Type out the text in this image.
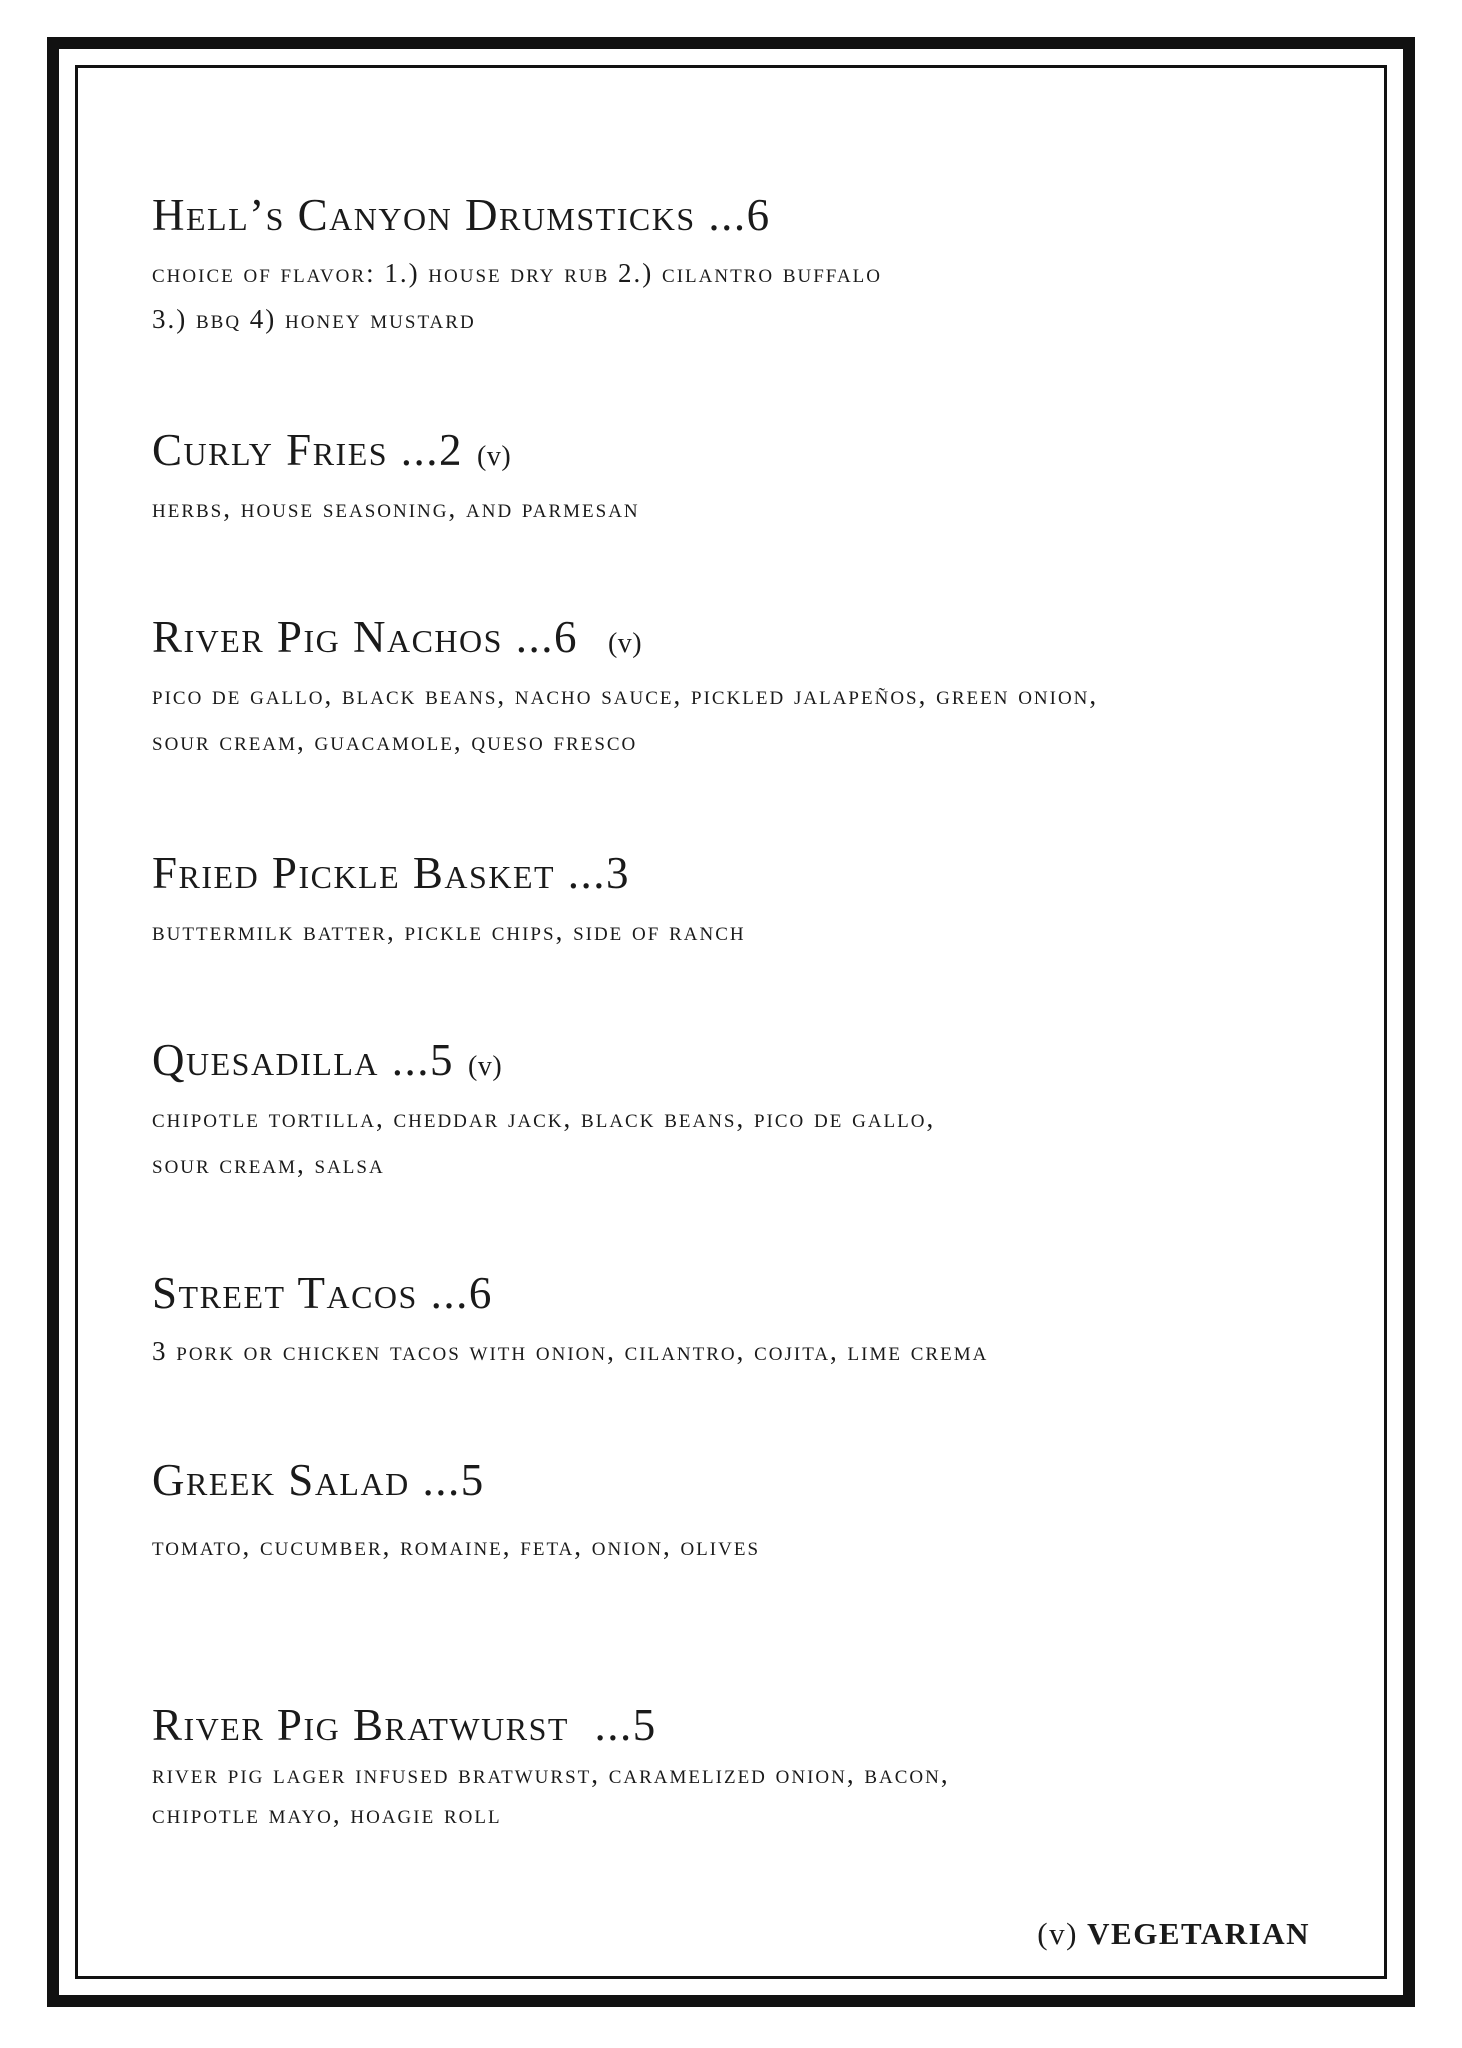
Hell’s Canyon Drumsticks ...6

choice of flavor: 1.) house dry rub 2.) cilantro buffalo
3.) bbq 4) honey mustard

Curly Fries ...2 (v)

herbs, house seasoning, and parmesan

River Pig Nachos ...6 (v)

pico de gallo, black beans, nacho sauce, pickled jalapeños, green onion,
sour cream, guacamole, queso fresco

Fried Pickle Basket ...3

buttermilk batter, pickle chips, side of ranch

Quesadilla ...5 (v)

chipotle tortilla, cheddar jack, black beans, pico de gallo,
sour cream, salsa

Street Tacos ...6

3 pork or chicken tacos with onion, cilantro, cojita, lime crema

Greek Salad ...5

tomato, cucumber, romaine, feta, onion, olives

River Pig Bratwurst  ...5

river pig lager infused bratwurst, caramelized onion, bacon,
chipotle mayo, hoagie roll

(v) VEGETARIAN
